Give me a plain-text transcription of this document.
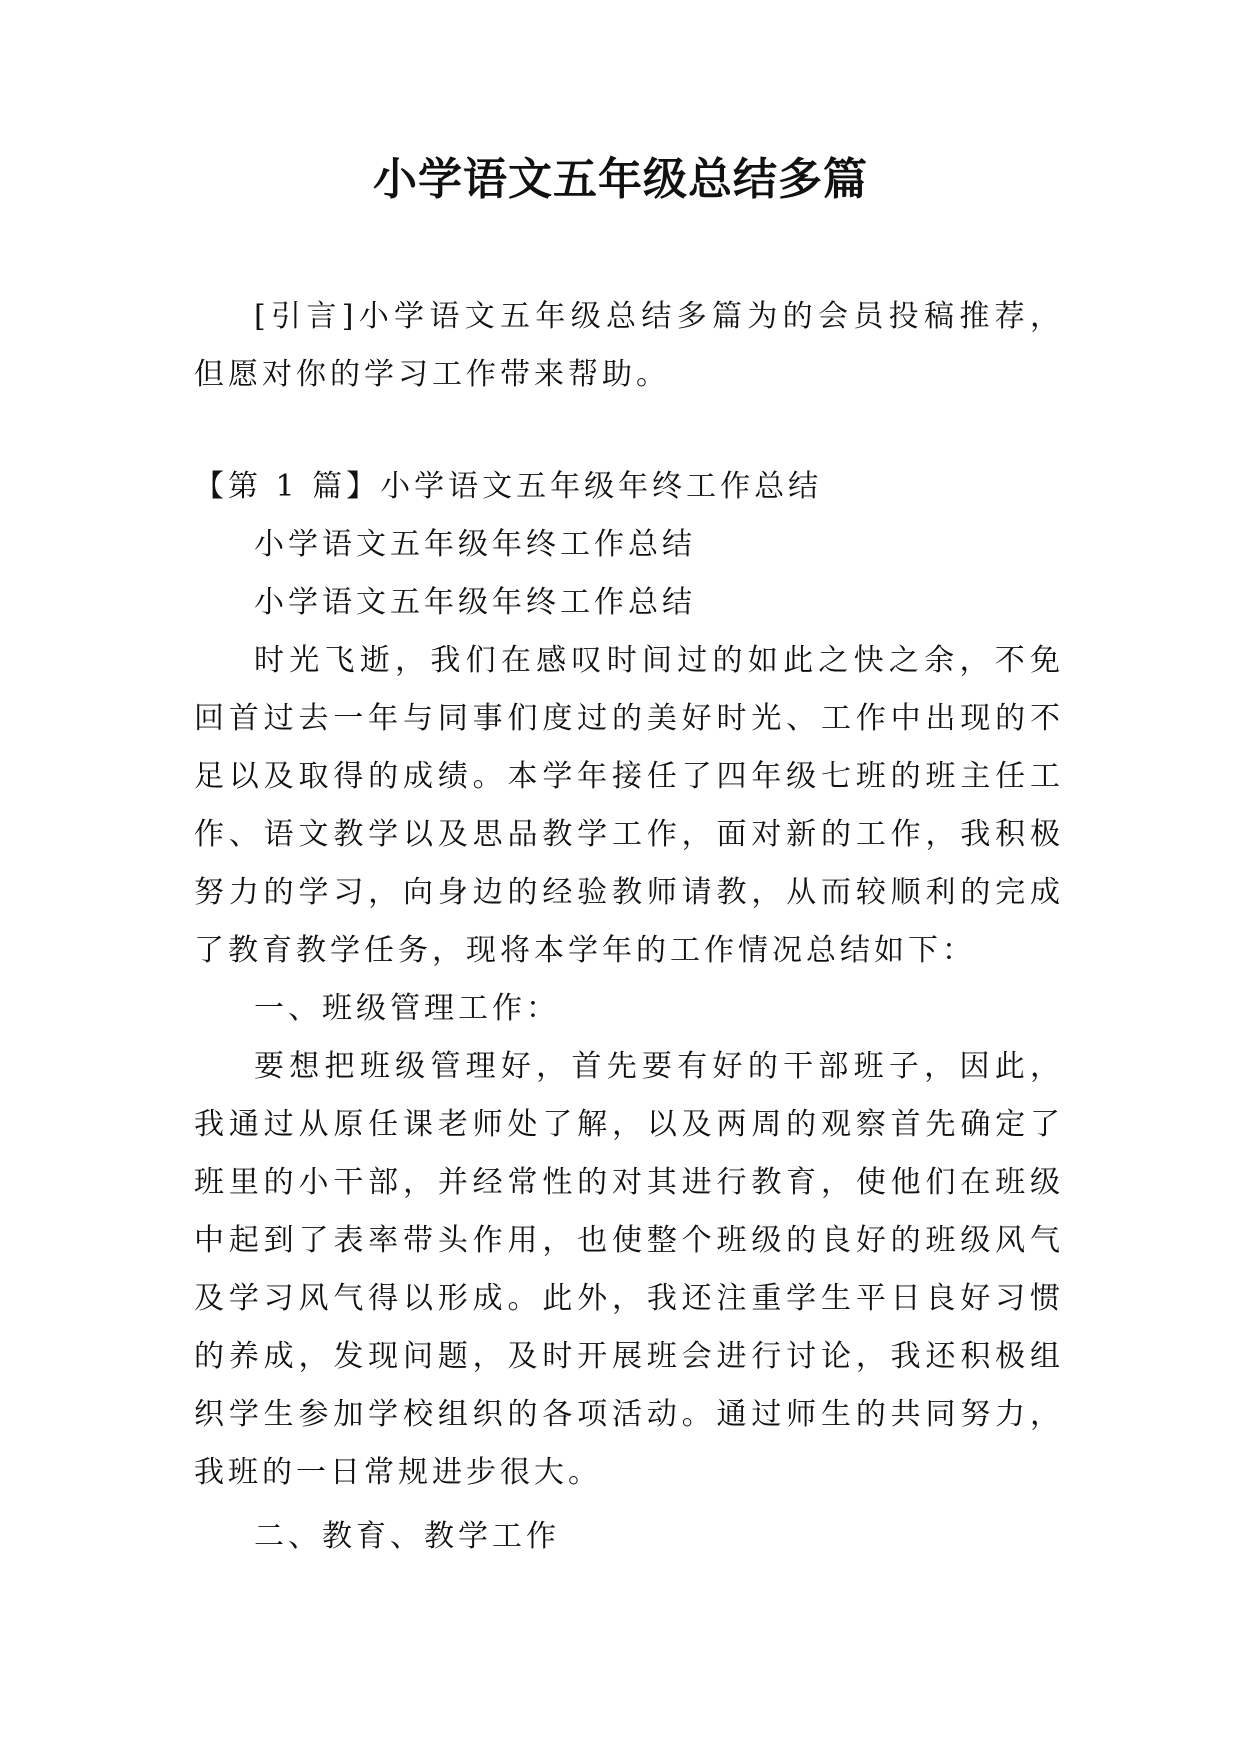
小学语文五年级总结多篇

[引言]小学语文五年级总结多篇为的会员投稿推荐，但愿对你的学习工作带来帮助。

【第 1 篇】小学语文五年级年终工作总结

小学语文五年级年终工作总结

小学语文五年级年终工作总结

时光飞逝，我们在感叹时间过的如此之快之余，不免回首过去一年与同事们度过的美好时光、工作中出现的不足以及取得的成绩。本学年接任了四年级七班的班主任工作、语文教学以及思品教学工作，面对新的工作，我积极努力的学习，向身边的经验教师请教，从而较顺利的完成了教育教学任务，现将本学年的工作情况总结如下：

一、班级管理工作：

要想把班级管理好，首先要有好的干部班子，因此，我通过从原任课老师处了解，以及两周的观察首先确定了班里的小干部，并经常性的对其进行教育，使他们在班级中起到了表率带头作用，也使整个班级的良好的班级风气及学习风气得以形成。此外，我还注重学生平日良好习惯的养成，发现问题，及时开展班会进行讨论，我还积极组织学生参加学校组织的各项活动。通过师生的共同努力，我班的一日常规进步很大。

二、教育、教学工作
